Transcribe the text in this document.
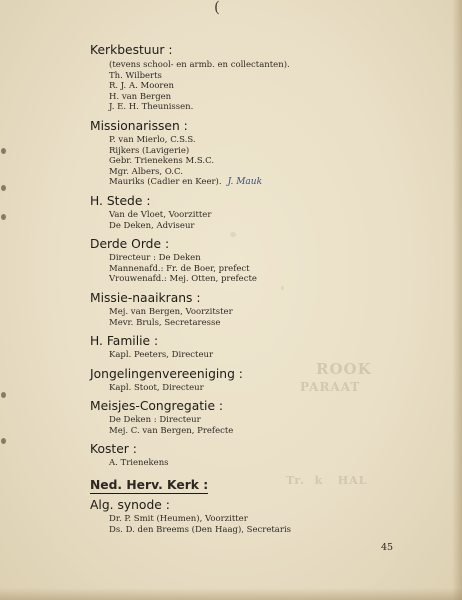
ROOK
PARAAT
Tr.  k   HAL
(
Kerkbestuur :
(tevens school- en armb. en collectanten).
Th. Wilberts
R. J. A. Mooren
H. van Bergen
J. E. H. Theunissen.
Missionarissen :
P. van Mierlo, C.S.S.
Rijkers (Lavigerie)
Gebr. Trienekens M.S.C.
Mgr. Albers, O.C.
Mauriks (Cadier en Keer). J. Mauk
H. Stede :
Van de Vloet, Voorzitter
De Deken, Adviseur
Derde Orde :
Directeur : De Deken
Mannenafd.: Fr. de Boer, prefect
Vrouwenafd.: Mej. Otten, prefecte
Missie-naaikrans :
Mej. van Bergen, Voorzitster
Mevr. Bruls, Secretaresse
H. Familie :
Kapl. Peeters, Directeur
Jongelingenvereeniging :
Kapl. Stoot, Directeur
Meisjes-Congregatie :
De Deken : Directeur
Mej. C. van Bergen, Prefecte
Koster :
A. Trienekens
Ned. Herv. Kerk :
Alg. synode :
Dr. P. Smit (Heumen), Voorzitter
Ds. D. den Breems (Den Haag), Secretaris
45
